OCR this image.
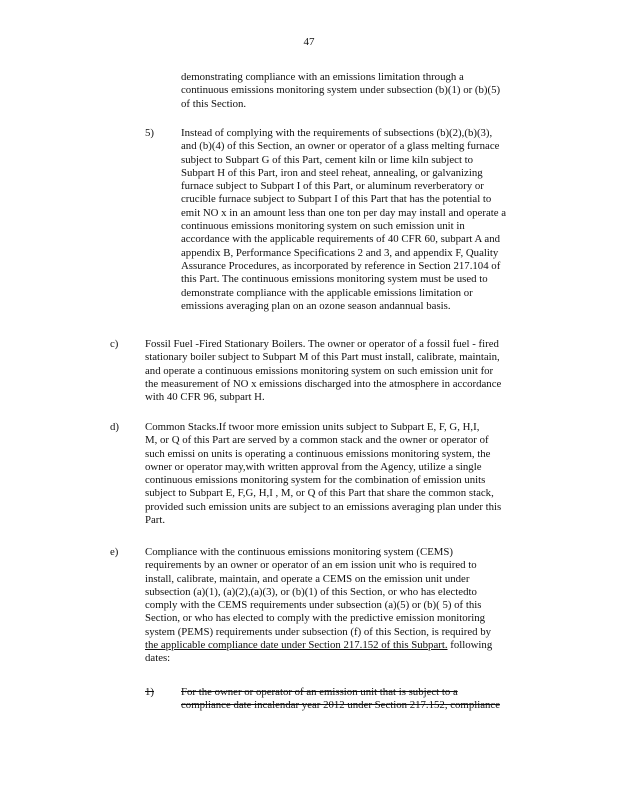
47
demonstrating compliance with an emissions limitation through a
continuous emissions monitoring system under subsection (b)(1) or (b)(5)
of this Section.
5)	Instead of complying with the requirements of subsections (b)(2),(b)(3),
and (b)(4) of this Section, an owner or operator of a glass melting furnace
subject to Subpart G of this Part, cement kiln or lime kiln subject to
Subpart H of this Part, iron and steel reheat, annealing, or galvanizing
furnace subject to Subpart I of this Part, or aluminum reverberatory or
crucible furnace subject to Subpart I of this Part that has the potential to
emit NO x in an amount less than one ton per day may install and operate a
continuous emissions monitoring system on such emission unit in
accordance with the applicable requirements of 40 CFR 60, subpart A and
appendix B, Performance Specifications 2 and 3, and appendix F, Quality
Assurance Procedures, as incorporated by reference in Section 217.104 of
this Part. The continuous emissions monitoring system must be used to
demonstrate compliance with the applicable emissions limitation or
emissions averaging plan on an ozone season andannual basis.
c) Fossil Fuel -Fired Stationary Boilers. The owner or operator of a fossil fuel - fired
stationary boiler subject to Subpart M of this Part must install, calibrate, maintain,
and operate a continuous emissions monitoring system on such emission unit for
the measurement of NO x emissions discharged into the atmosphere in accordance
with 40 CFR 96, subpart H.
d) Common Stacks.If twoor more emission units subject to Subpart E, F, G, H,I,
M, or Q of this Part are served by a common stack and the owner or operator of
such emissi on units is operating a continuous emissions monitoring system, the
owner or operator may,with written approval from the Agency, utilize a single
continuous emissions monitoring system for the combination of emission units
subject to Subpart E, F,G, H,I , M, or Q of this Part that share the common stack,
provided such emission units are subject to an emissions averaging plan under this
Part.
e) Compliance with the continuous emissions monitoring system (CEMS)
requirements by an owner or operator of an em ission unit who is required to
install, calibrate, maintain, and operate a CEMS on the emission unit under
subsection (a)(1), (a)(2),(a)(3), or (b)(1) of this Section, or who has electedto
comply with the CEMS requirements under subsection (a)(5) or (b)( 5) of this
Section, or who has elected to comply with the predictive emission monitoring
system (PEMS) requirements under subsection (f) of this Section, is required by
the applicable compliance date under Section 217.152 of this Subpart. following
dates:
1)	For the owner or operator of an emission unit that is subject to a
compliance date incalendar year 2012 under Section 217.152, compliance
